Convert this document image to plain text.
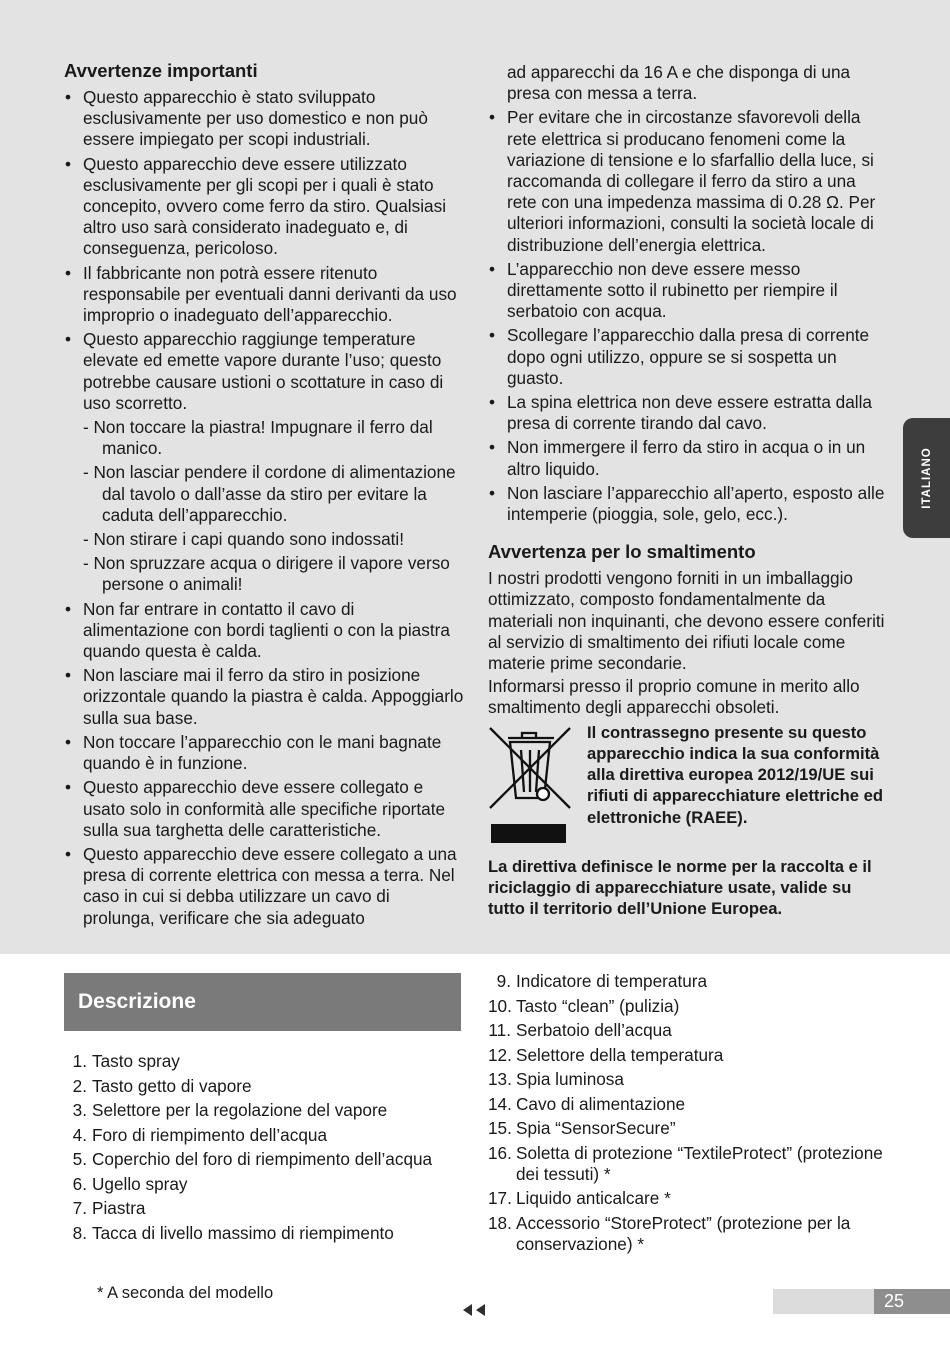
Avvertenze importanti
• Questo apparecchio è stato sviluppato esclusivamente per uso domestico e non può essere impiegato per scopi industriali.
• Questo apparecchio deve essere utilizzato esclusivamente per gli scopi per i quali è stato concepito, ovvero come ferro da stiro. Qualsiasi altro uso sarà considerato inadeguato e, di conseguenza, pericoloso.
• Il fabbricante non potrà essere ritenuto responsabile per eventuali danni derivanti da uso improprio o inadeguato dell’apparecchio.
• Questo apparecchio raggiunge temperature elevate ed emette vapore durante l’uso; questo potrebbe causare ustioni o scottature in caso di uso scorretto.
- Non toccare la piastra! Impugnare il ferro dal manico.
- Non lasciar pendere il cordone di alimentazione dal tavolo o dall’asse da stiro per evitare la caduta dell’apparecchio.
- Non stirare i capi quando sono indossati!
- Non spruzzare acqua o dirigere il vapore verso persone o animali!
• Non far entrare in contatto il cavo di alimentazione con bordi taglienti o con la piastra quando questa è calda.
• Non lasciare mai il ferro da stiro in posizione orizzontale quando la piastra è calda. Appoggiarlo sulla sua base.
• Non toccare l’apparecchio con le mani bagnate quando è in funzione.
• Questo apparecchio deve essere collegato e usato solo in conformità alle specifiche riportate sulla sua targhetta delle caratteristiche.
• Questo apparecchio deve essere collegato a una presa di corrente elettrica con messa a terra. Nel caso in cui si debba utilizzare un cavo di prolunga, verificare che sia adeguato
ad apparecchi da 16 A e che disponga di una presa con messa a terra.
• Per evitare che in circostanze sfavorevoli della rete elettrica si producano fenomeni come la variazione di tensione e lo sfarfallio della luce, si raccomanda di collegare il ferro da stiro a una rete con una impedenza massima di 0.28 Ω. Per ulteriori informazioni, consulti la società locale di distribuzione dell’energia elettrica.
• L’apparecchio non deve essere messo direttamente sotto il rubinetto per riempire il serbatoio con acqua.
• Scollegare l’apparecchio dalla presa di corrente dopo ogni utilizzo, oppure se si sospetta un guasto.
• La spina elettrica non deve essere estratta dalla presa di corrente tirando dal cavo.
• Non immergere il ferro da stiro in acqua o in un altro liquido.
• Non lasciare l’apparecchio all’aperto, esposto alle intemperie (pioggia, sole, gelo, ecc.).
Avvertenza per lo smaltimento
I nostri prodotti vengono forniti in un imballaggio ottimizzato, composto fondamentalmente da materiali non inquinanti, che devono essere conferiti al servizio di smaltimento dei rifiuti locale come materie prime secondarie.
Informarsi presso il proprio comune in merito allo smaltimento degli apparecchi obsoleti.
Il contrassegno presente su questo apparecchio indica la sua conformità alla direttiva europea 2012/19/UE sui rifiuti di apparecchiature elettriche ed elettroniche (RAEE).
La direttiva definisce le norme per la raccolta e il riciclaggio di apparecchiature usate, valide su tutto il territorio dell’Unione Europea.
ITALIANO
Descrizione
1. Tasto spray
2. Tasto getto di vapore
3. Selettore per la regolazione del vapore
4. Foro di riempimento dell’acqua
5. Coperchio del foro di riempimento dell’acqua
6. Ugello spray
7. Piastra
8. Tacca di livello massimo di riempimento
9. Indicatore di temperatura
10. Tasto “clean” (pulizia)
11. Serbatoio dell’acqua
12. Selettore della temperatura
13. Spia luminosa
14. Cavo di alimentazione
15. Spia “SensorSecure”
16. Soletta di protezione “TextileProtect” (protezione dei tessuti) *
17. Liquido anticalcare *
18. Accessorio “StoreProtect” (protezione per la conservazione) *
* A seconda del modello	25
